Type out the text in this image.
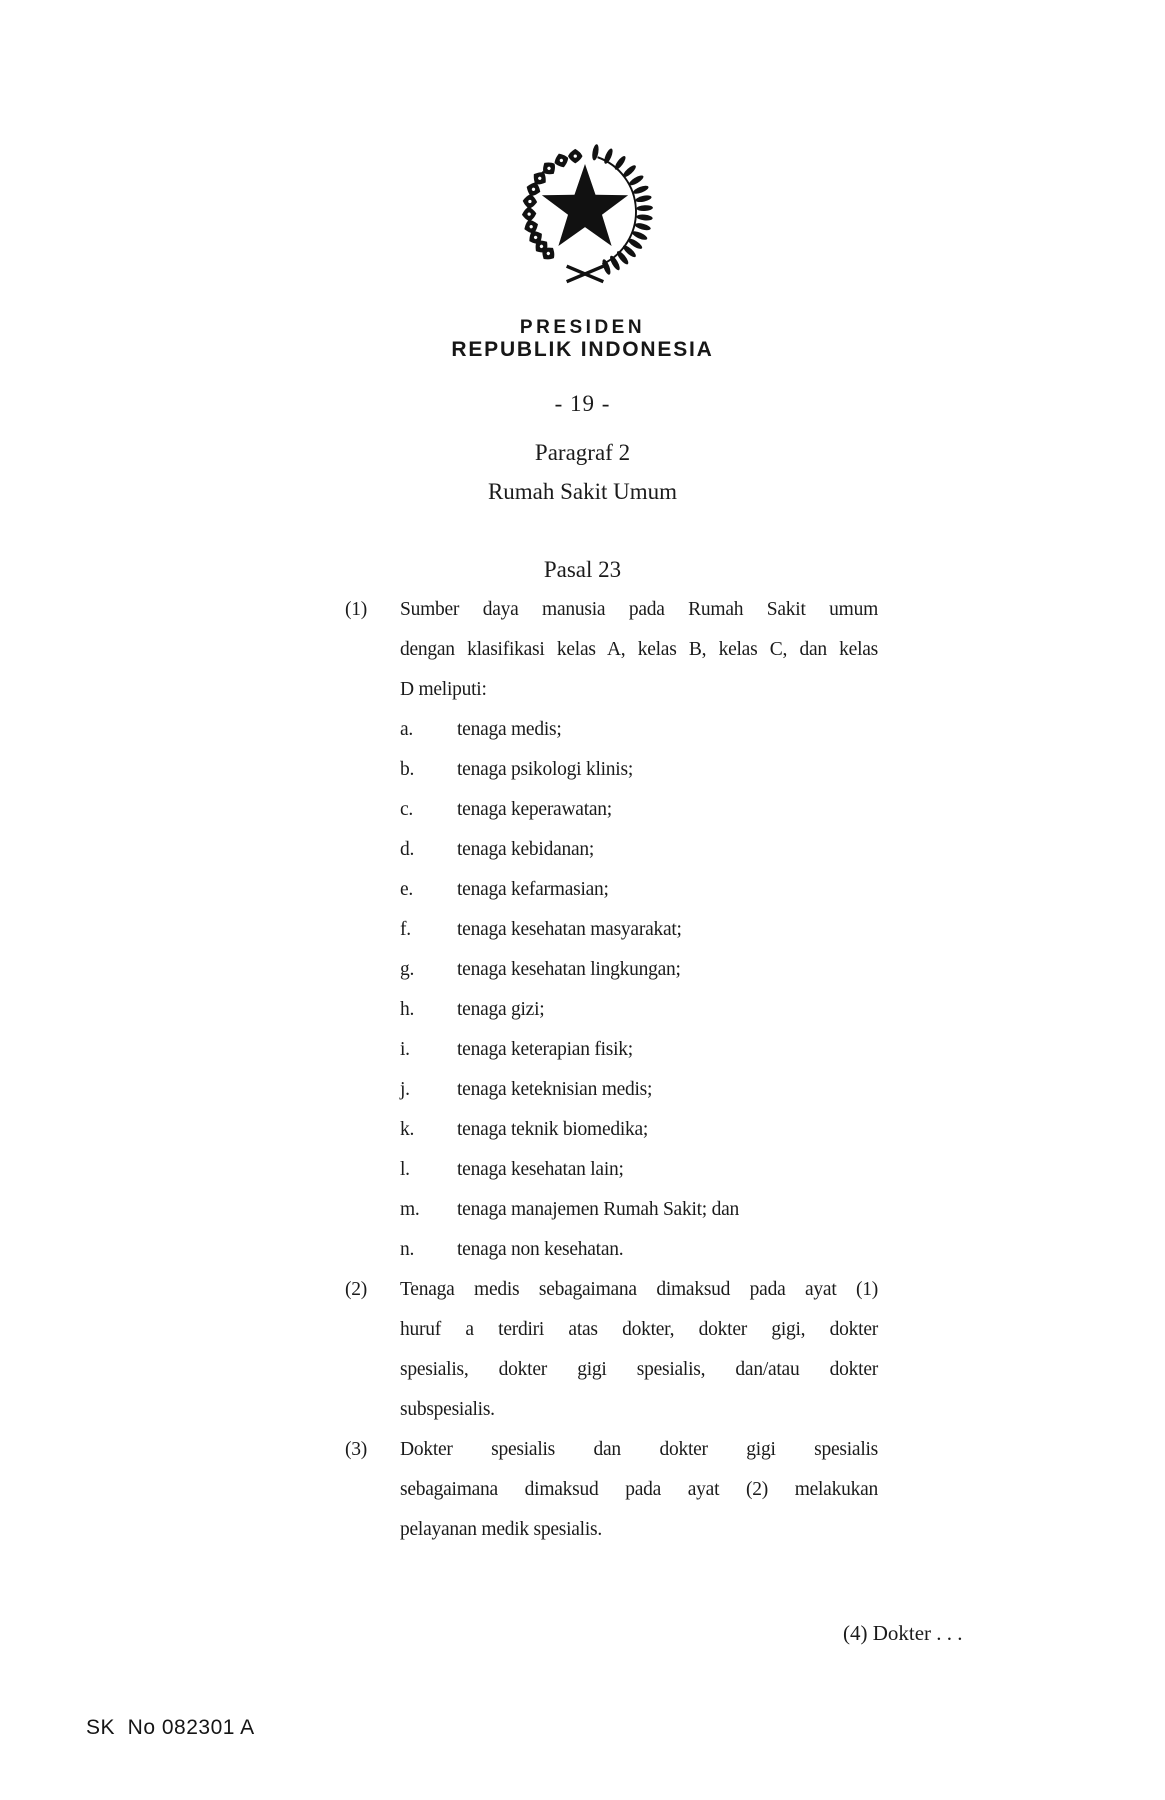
PRESIDEN
REPUBLIK INDONESIA
- 19 -
Paragraf 2
Rumah Sakit Umum
Pasal 23
(1)	Sumber daya manusia pada Rumah Sakit umum
dengan klasifikasi kelas A, kelas B, kelas C, dan kelas
D meliputi:
a.	tenaga medis;
b.	tenaga psikologi klinis;
c.	tenaga keperawatan;
d.	tenaga kebidanan;
e.	tenaga kefarmasian;
f.	tenaga kesehatan masyarakat;
g.	tenaga kesehatan lingkungan;
h.	tenaga gizi;
i.	tenaga keterapian fisik;
j.	tenaga keteknisian medis;
k.	tenaga teknik biomedika;
l.	tenaga kesehatan lain;
m.	tenaga manajemen Rumah Sakit; dan
n.	tenaga non kesehatan.
(2)	Tenaga medis sebagaimana dimaksud pada ayat (1)
huruf a terdiri atas dokter, dokter gigi, dokter
spesialis, dokter gigi spesialis, dan/atau dokter
subspesialis.
(3)	Dokter spesialis dan dokter gigi spesialis
sebagaimana dimaksud pada ayat (2) melakukan
pelayanan medik spesialis.
(4) Dokter . . .
SK  No 082301 A
